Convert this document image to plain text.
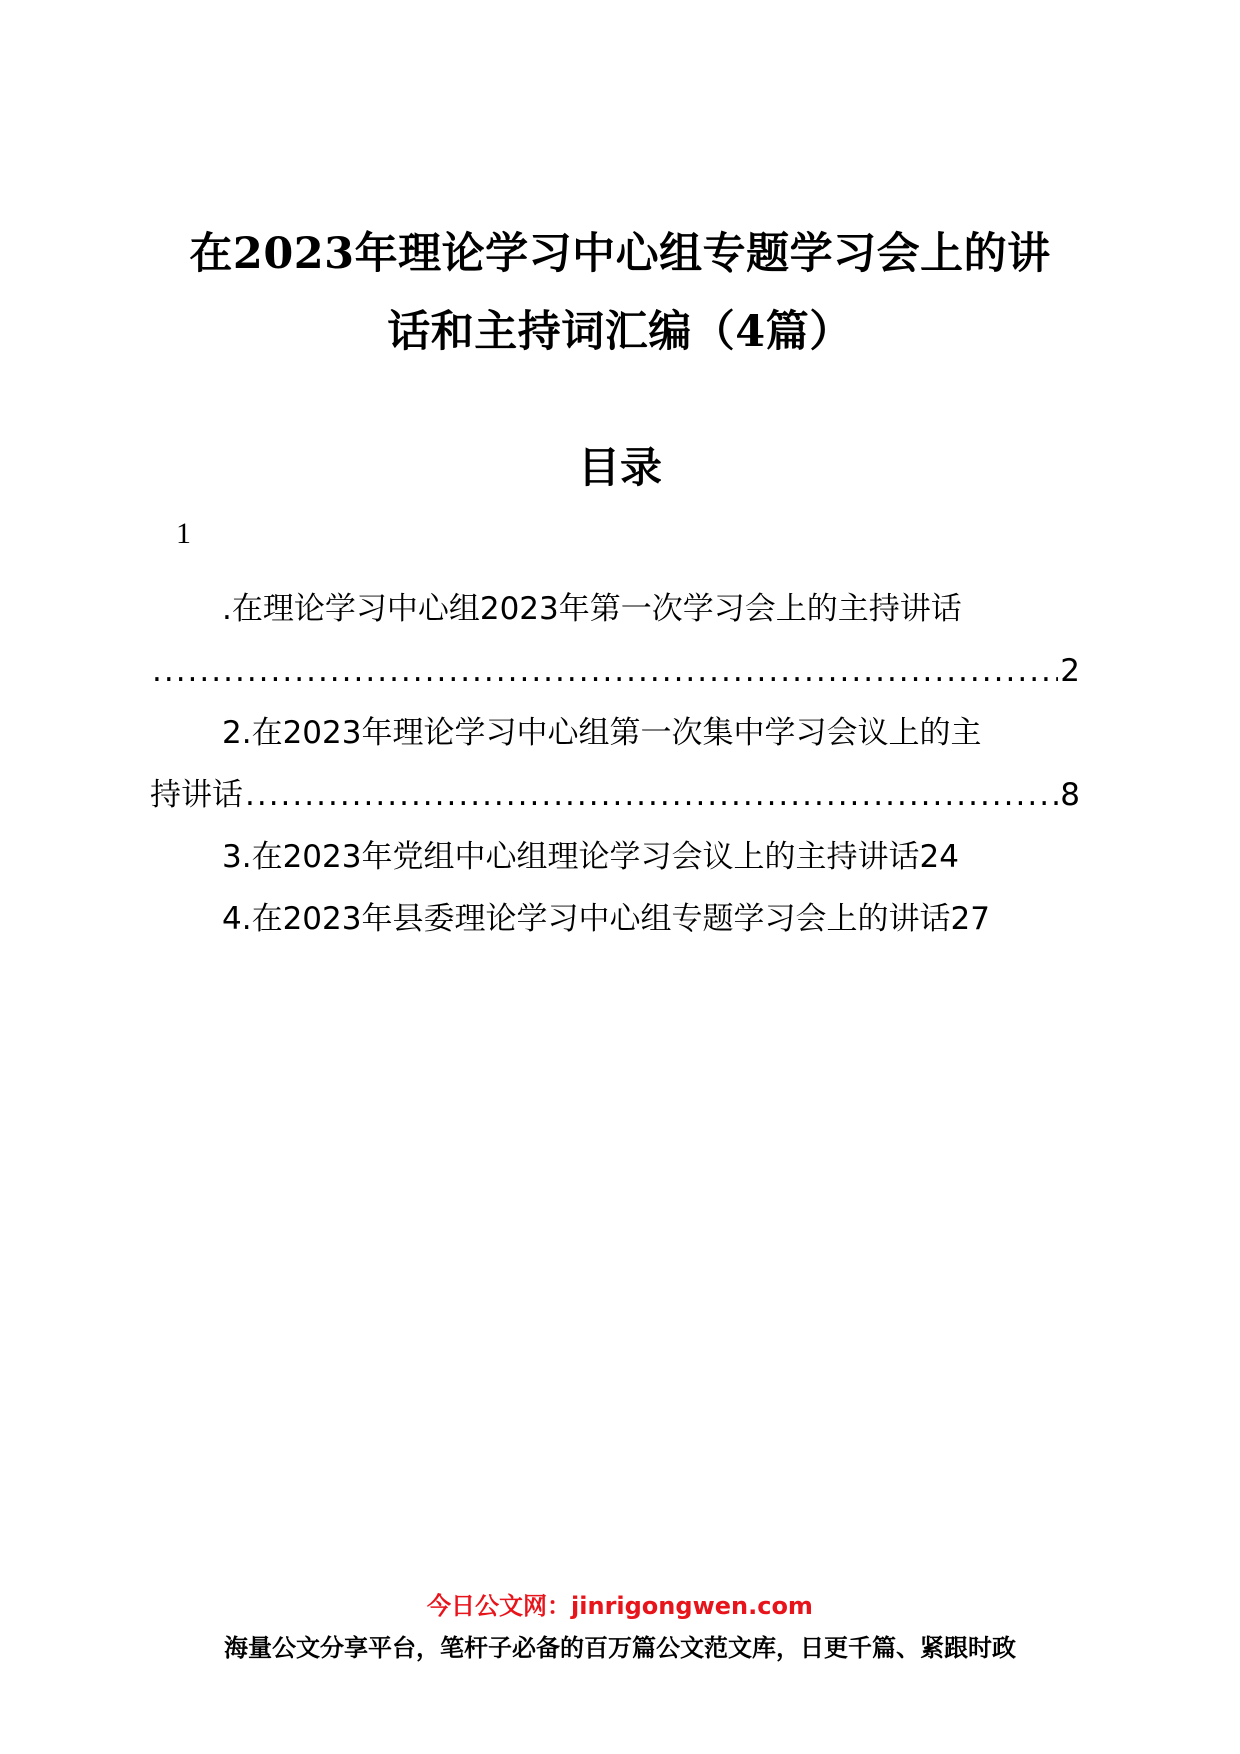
在2023年理论学习中心组专题学习会上的讲
话和主持词汇编（4篇）
目录
1
.在理论学习中心组2023年第一次学习会上的主持讲话
.....
2
2.在2023年理论学习中心组第一次集中学习会议上的主
持讲话
.....	8
3.在2023年党组中心组理论学习会议上的主持讲话 24
4.在2023年县委理论学习中心组专题学习会上的讲话 27
今日公文网：jinrigongwen.com
海量公文分享平台，笔杆子必备的百万篇公文范文库，日更千篇、紧跟时政
